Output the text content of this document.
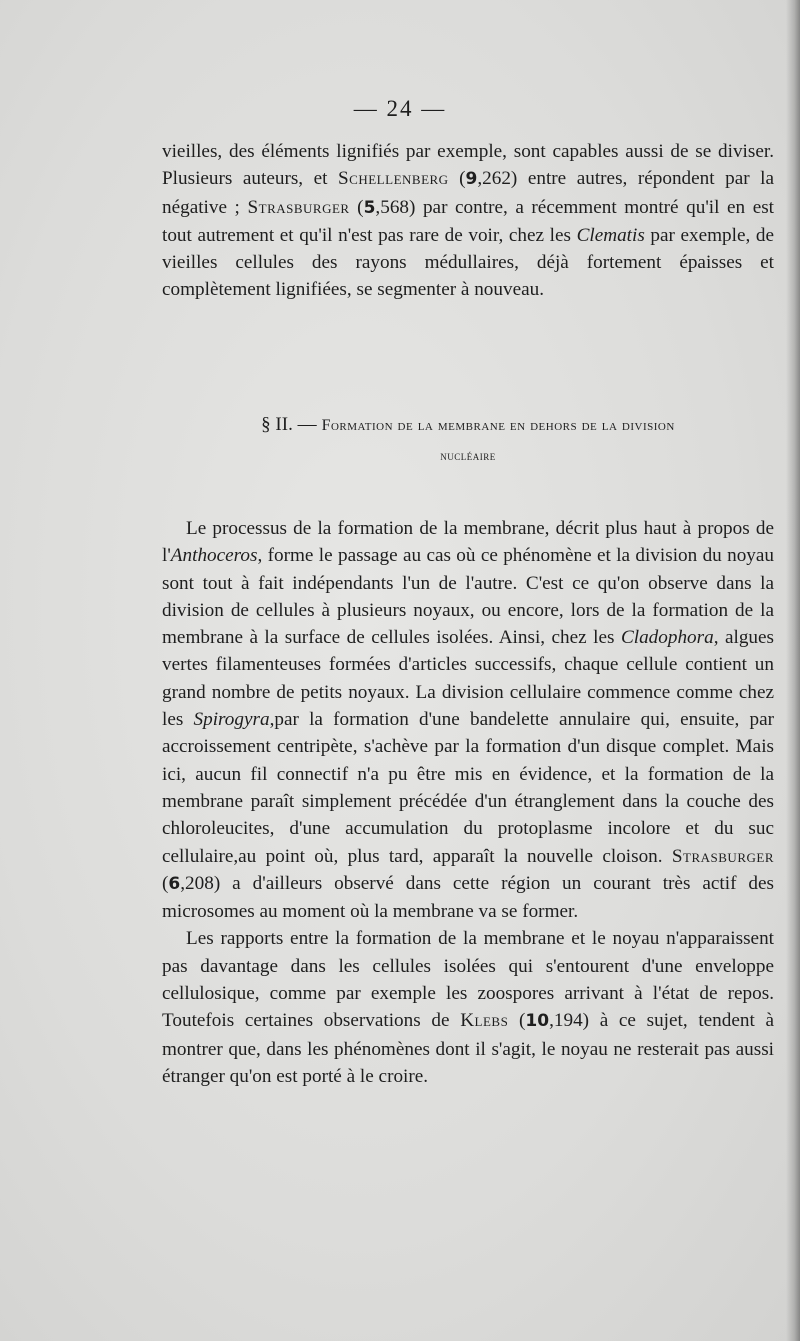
— 24 —

vieilles, des éléments lignifiés par exemple, sont capables aussi de se diviser. Plusieurs auteurs, et Schellenberg (9,262) entre autres, répondent par la négative ; Strasburger (5,568) par contre, a récemment montré qu'il en est tout autrement et qu'il n'est pas rare de voir, chez les Clematis par exemple, de vieilles cellules des rayons médullaires, déjà fortement épaisses et complètement lignifiées, se segmenter à nouveau.

§ II. — Formation de la membrane en dehors de la division
nucléaire

Le processus de la formation de la membrane, décrit plus haut à propos de l'Anthoceros, forme le passage au cas où ce phénomène et la division du noyau sont tout à fait indépendants l'un de l'autre. C'est ce qu'on observe dans la division de cellules à plusieurs noyaux, ou encore, lors de la formation de la membrane à la surface de cellules isolées. Ainsi, chez les Cladophora, algues vertes filamenteuses formées d'articles successifs, chaque cellule contient un grand nombre de petits noyaux. La division cellulaire commence comme chez les Spirogyra,par la formation d'une bandelette annulaire qui, ensuite, par accroissement centripète, s'achève par la formation d'un disque complet. Mais ici, aucun fil connectif n'a pu être mis en évidence, et la formation de la membrane paraît simplement précédée d'un étranglement dans la couche des chloroleucites, d'une accumulation du protoplasme incolore et du suc cellulaire,au point où, plus tard, apparaît la nouvelle cloison. Strasburger (6,208) a d'ailleurs observé dans cette région un courant très actif des microsomes au moment où la membrane va se former.

Les rapports entre la formation de la membrane et le noyau n'apparaissent pas davantage dans les cellules isolées qui s'entourent d'une enveloppe cellulosique, comme par exemple les zoospores arrivant à l'état de repos. Toutefois certaines observations de Klebs (10,194) à ce sujet, tendent à montrer que, dans les phénomènes dont il s'agit, le noyau ne resterait pas aussi étranger qu'on est porté à le croire.
